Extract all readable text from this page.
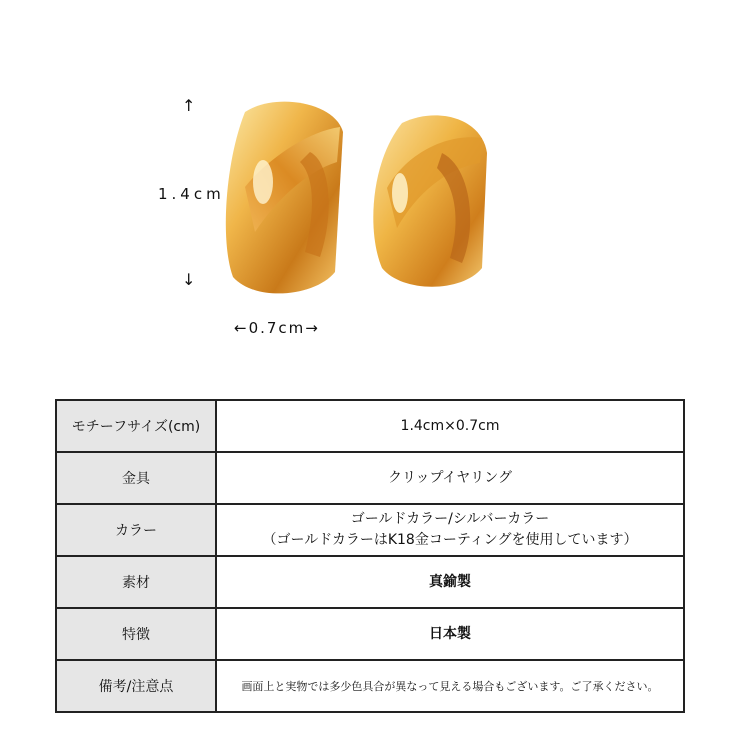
↑
1.4cm
↓
←0.7cm→
モチーフサイズ(cm)	1.4cm×0.7cm

金具	クリップイヤリング

カラー	ゴールドカラー/シルバーカラー
（ゴールドカラーはK18金コーティングを使用しています）

素材	真鍮製

特徴	日本製

備考/注意点	画面上と実物では多少色具合が異なって見える場合もございます。ご了承ください。
